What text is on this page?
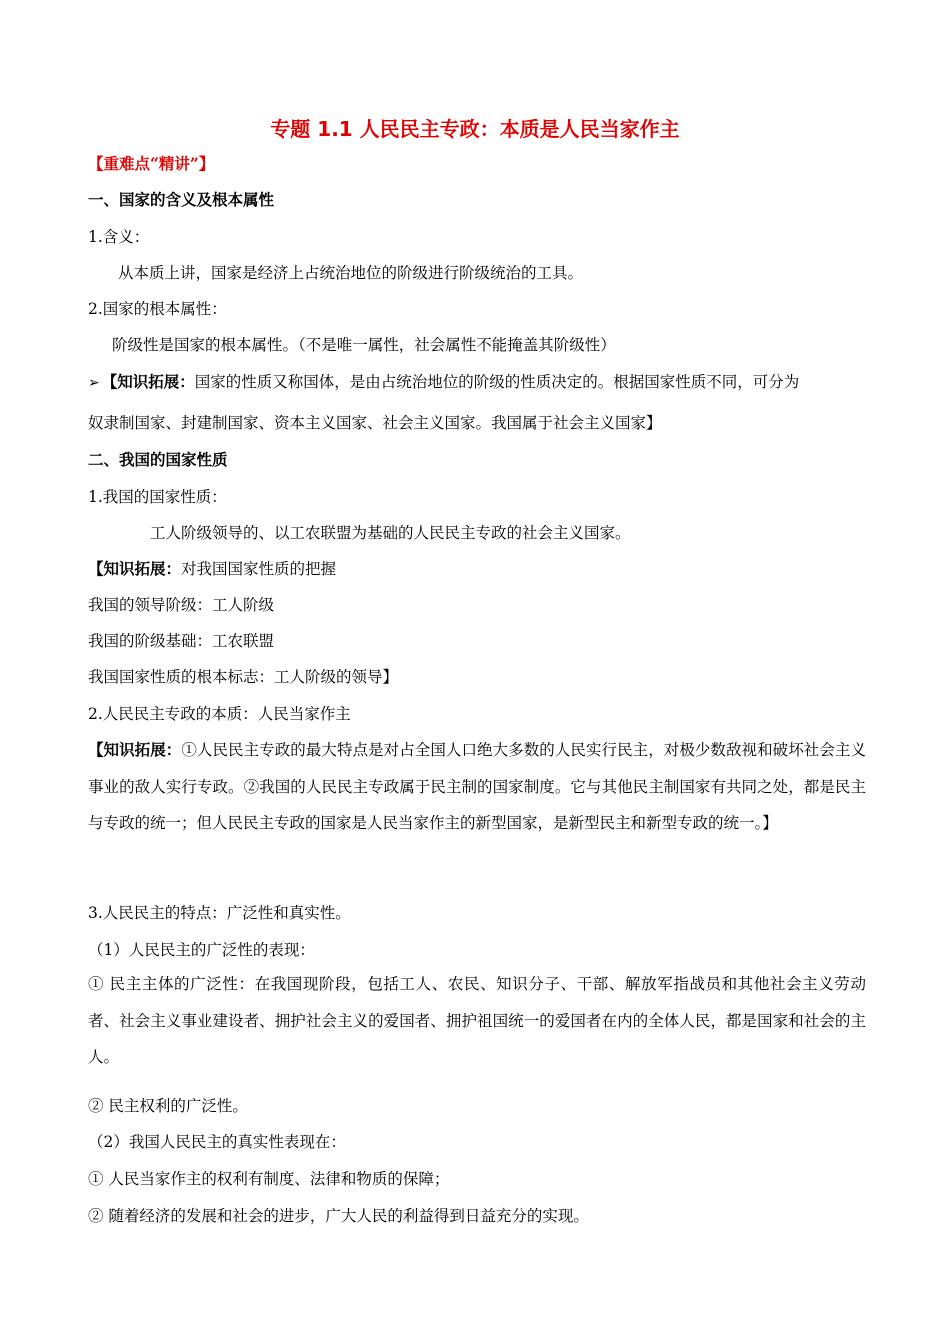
专题 1.1 人民民主专政：本质是人民当家作主
【重难点“精讲”】
一、国家的含义及根本属性
1.含义：
从本质上讲，国家是经济上占统治地位的阶级进行阶级统治的工具。
2.国家的根本属性：
阶级性是国家的根本属性。（不是唯一属性，社会属性不能掩盖其阶级性）
➢ 【知识拓展：国家的性质又称国体，是由占统治地位的阶级的性质决定的。根据国家性质不同，可分为
奴隶制国家、封建制国家、资本主义国家、社会主义国家。我国属于社会主义国家】
二、我国的国家性质
1.我国的国家性质：
工人阶级领导的、以工农联盟为基础的人民民主专政的社会主义国家。
【知识拓展：对我国国家性质的把握
我国的领导阶级：工人阶级
我国的阶级基础：工农联盟
我国国家性质的根本标志：工人阶级的领导】
2.人民民主专政的本质：人民当家作主
【知识拓展：①人民民主专政的最大特点是对占全国人口绝大多数的人民实行民主，对极少数敌视和破坏社会主义事业的敌人实行专政。②我国的人民民主专政属于民主制的国家制度。它与其他民主制国家有共同之处，都是民主与专政的统一；但人民民主专政的国家是人民当家作主的新型国家，是新型民主和新型专政的统一。】
3.人民民主的特点：广泛性和真实性。
（1）人民民主的广泛性的表现：
① 民主主体的广泛性：在我国现阶段，包括工人、农民、知识分子、干部、解放军指战员和其他社会主义劳动者、社会主义事业建设者、拥护社会主义的爱国者、拥护祖国统一的爱国者在内的全体人民，都是国家和社会的主人。
② 民主权利的广泛性。
（2）我国人民民主的真实性表现在：
① 人民当家作主的权利有制度、法律和物质的保障；
② 随着经济的发展和社会的进步，广大人民的利益得到日益充分的实现。
